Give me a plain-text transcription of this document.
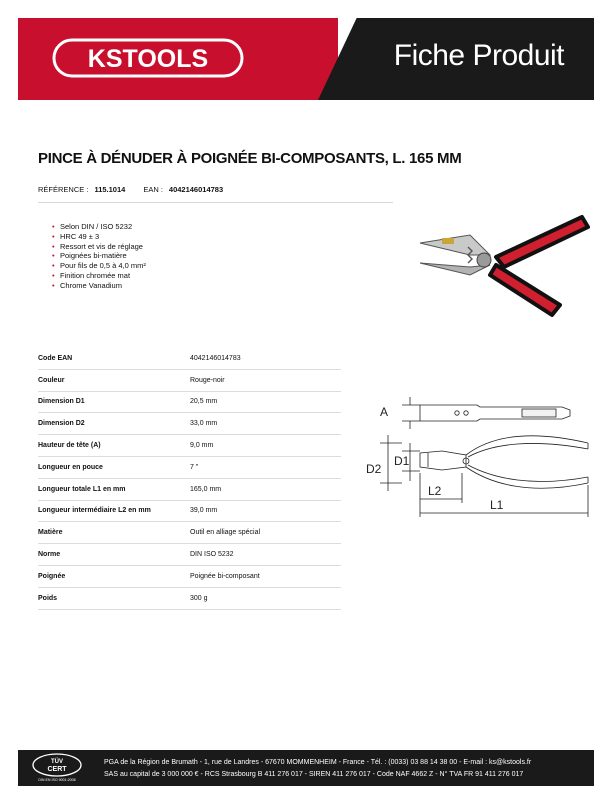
KSTOOLS	Fiche Produit
PINCE À DÉNUDER À POIGNÉE BI-COMPOSANTS, L. 165 MM
RÉFÉRENCE : 115.1014 EAN : 4042146014783
• Selon DIN / ISO 5232
• HRC 49 ± 3
• Ressort et vis de réglage
• Poignées bi-matière
• Pour fils de 0,5 à 4,0 mm²
• Finition chromée mat
• Chrome Vanadium
Code EAN	4042146014783
Couleur	Rouge-noir
Dimension D1	20,5 mm
Dimension D2	33,0 mm
Hauteur de tête (A)	9,0 mm
Longueur en pouce	7 "
Longueur totale L1 en mm	165,0 mm
Longueur intermédiaire L2 en mm	39,0 mm
Matière	Outil en alliage spécial
Norme	DIN ISO 5232
Poignée	Poignée bi-composant
Poids	300 g
A
D1
D2
L2
L1
TÜV
CERT
DIN EN ISO 9001:2008
PGA de la Région de Brumath - 1, rue de Landres - 67670 MOMMENHEIM - France - Tél. : (0033) 03 88 14 38 00 - E-mail : ks@kstools.fr
SAS au capital de 3 000 000 € - RCS Strasbourg B 411 276 017 - SIREN 411 276 017 - Code NAF 4662 Z - N° TVA FR 91 411 276 017
